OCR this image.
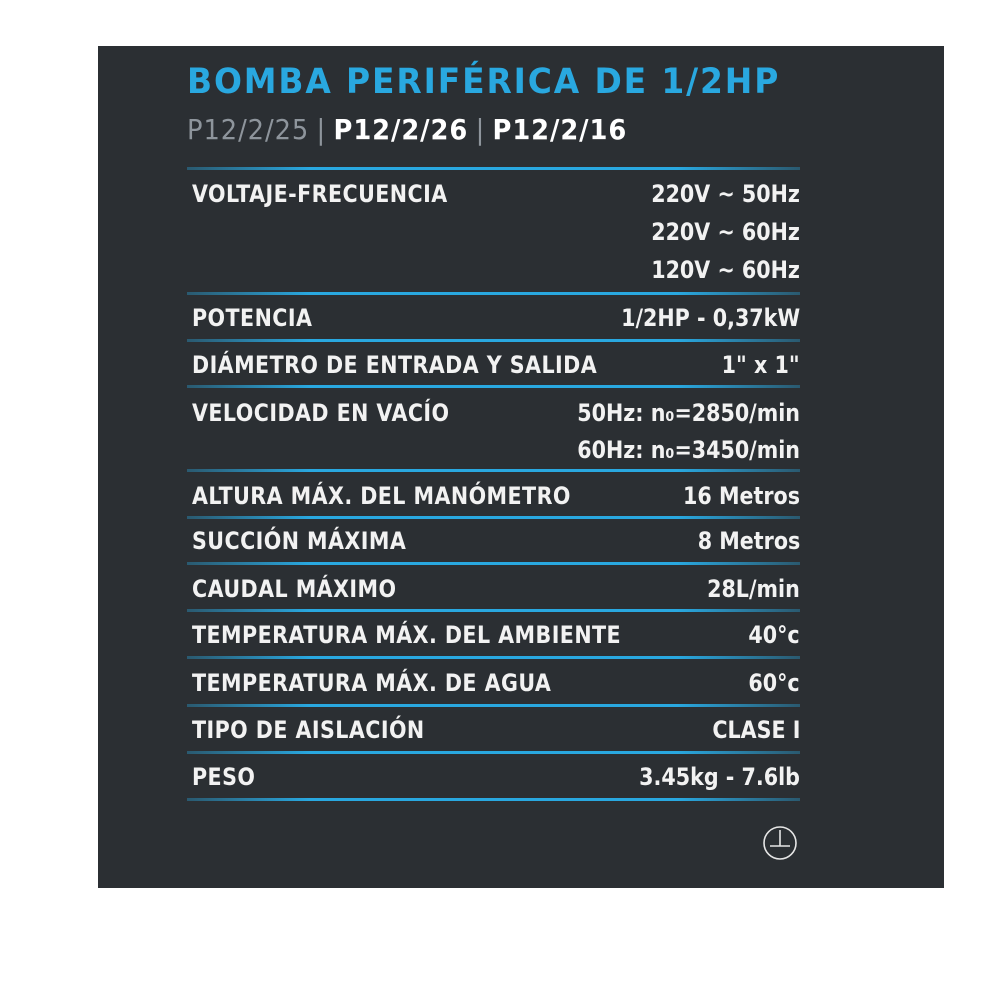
BOMBA PERIFÉRICA DE 1/2HP
P12/2/25 | P12/2/26 | P12/2/16
VOLTAJE-FRECUENCIA	220V ~ 50Hz
220V ~ 60Hz
120V ~ 60Hz
POTENCIA	1/2HP - 0,37kW
DIÁMETRO DE ENTRADA Y SALIDA	1" x 1"
VELOCIDAD EN VACÍO	50Hz: n₀=2850/min
60Hz: n₀=3450/min
ALTURA MÁX. DEL MANÓMETRO	16 Metros
SUCCIÓN MÁXIMA	8 Metros
CAUDAL MÁXIMO	28L/min
TEMPERATURA MÁX. DEL AMBIENTE	40°c
TEMPERATURA MÁX. DE AGUA	60°c
TIPO DE AISLACIÓN	CLASE I
PESO	3.45kg - 7.6lb
